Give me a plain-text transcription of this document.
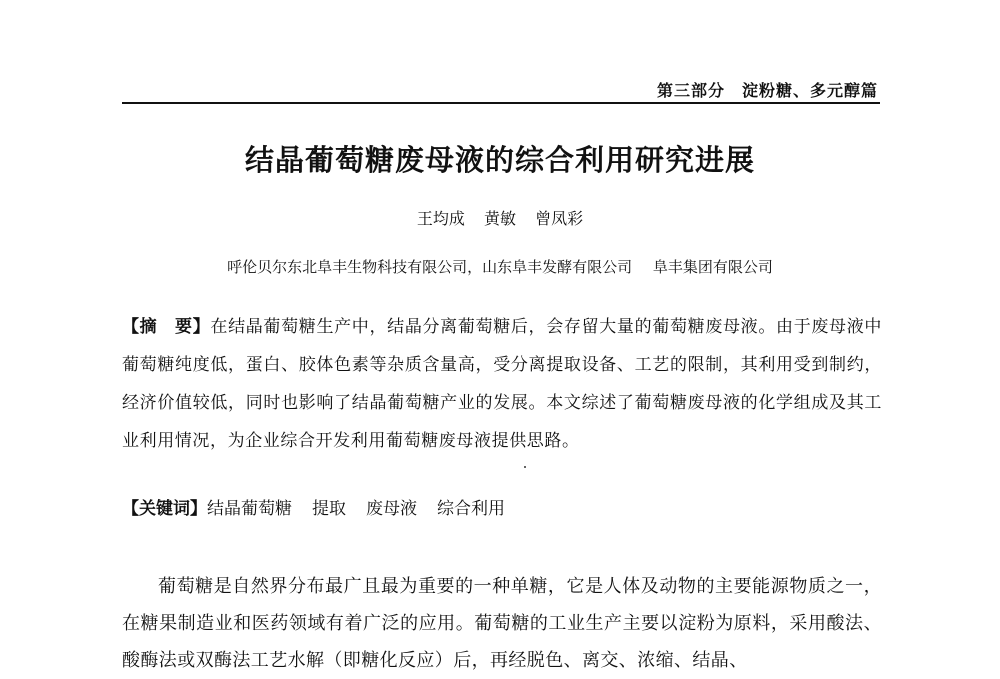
第三部分　淀粉糖、多元醇篇
结晶葡萄糖废母液的综合利用研究进展
王均成 黄敏 曾凤彩
呼伦贝尔东北阜丰生物科技有限公司，山东阜丰发酵有限公司 阜丰集团有限公司
【摘　要】在结晶葡萄糖生产中，结晶分离葡萄糖后，会存留大量的葡萄糖废母液。由于废母液中葡萄糖纯度低，蛋白、胶体色素等杂质含量高，受分离提取设备、工艺的限制，其利用受到制约，经济价值较低，同时也影响了结晶葡萄糖产业的发展。本文综述了葡萄糖废母液的化学组成及其工业利用情况，为企业综合开发利用葡萄糖废母液提供思路。
【关键词】结晶葡萄糖 提取 废母液 综合利用
葡萄糖是自然界分布最广且最为重要的一种单糖，它是人体及动物的主要能源物质之一，在糖果制造业和医药领域有着广泛的应用。葡萄糖的工业生产主要以淀粉为原料，采用酸法、酸酶法或双酶法工艺水解（即糖化反应）后，再经脱色、离交、浓缩、结晶、
